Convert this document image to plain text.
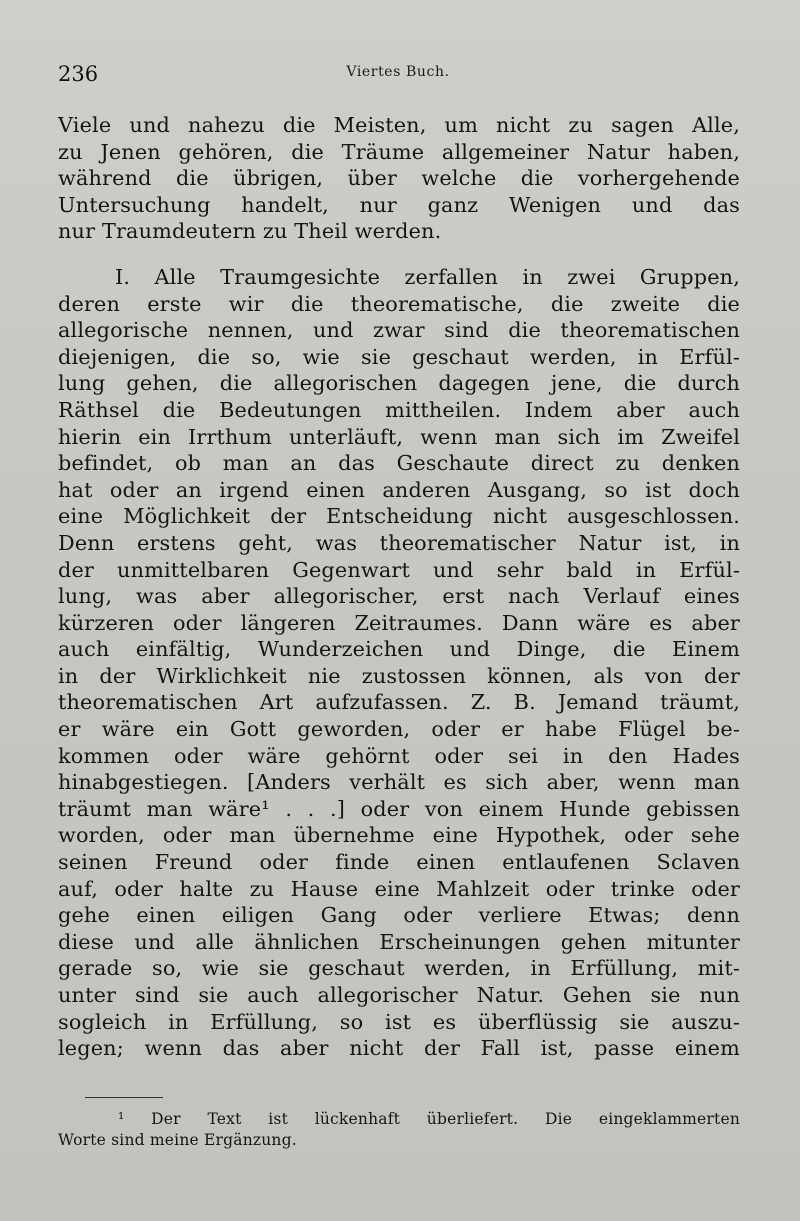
236	Viertes Buch.
Viele und nahezu die Meisten, um nicht zu sagen Alle,
zu Jenen gehören, die Träume allgemeiner Natur haben,
während die übrigen, über welche die vorhergehende
Untersuchung handelt, nur ganz Wenigen und das
nur Traumdeutern zu Theil werden.
I. Alle Traumgesichte zerfallen in zwei Gruppen,
deren erste wir die theorematische, die zweite die
allegorische nennen, und zwar sind die theorematischen
diejenigen, die so, wie sie geschaut werden, in Erfül-
lung gehen, die allegorischen dagegen jene, die durch
Räthsel die Bedeutungen mittheilen. Indem aber auch
hierin ein Irrthum unterläuft, wenn man sich im Zweifel
befindet, ob man an das Geschaute direct zu denken
hat oder an irgend einen anderen Ausgang, so ist doch
eine Möglichkeit der Entscheidung nicht ausgeschlossen.
Denn erstens geht, was theorematischer Natur ist, in
der unmittelbaren Gegenwart und sehr bald in Erfül-
lung, was aber allegorischer, erst nach Verlauf eines
kürzeren oder längeren Zeitraumes. Dann wäre es aber
auch einfältig, Wunderzeichen und Dinge, die Einem
in der Wirklichkeit nie zustossen können, als von der
theorematischen Art aufzufassen. Z. B. Jemand träumt,
er wäre ein Gott geworden, oder er habe Flügel be-
kommen oder wäre gehörnt oder sei in den Hades
hinabgestiegen. [Anders verhält es sich aber, wenn man
träumt man wäre¹ . . .] oder von einem Hunde gebissen
worden, oder man übernehme eine Hypothek, oder sehe
seinen Freund oder finde einen entlaufenen Sclaven
auf, oder halte zu Hause eine Mahlzeit oder trinke oder
gehe einen eiligen Gang oder verliere Etwas; denn
diese und alle ähnlichen Erscheinungen gehen mitunter
gerade so, wie sie geschaut werden, in Erfüllung, mit-
unter sind sie auch allegorischer Natur. Gehen sie nun
sogleich in Erfüllung, so ist es überflüssig sie auszu-
legen; wenn das aber nicht der Fall ist, passe einem
¹ Der Text ist lückenhaft überliefert. Die eingeklammerten
Worte sind meine Ergänzung.
